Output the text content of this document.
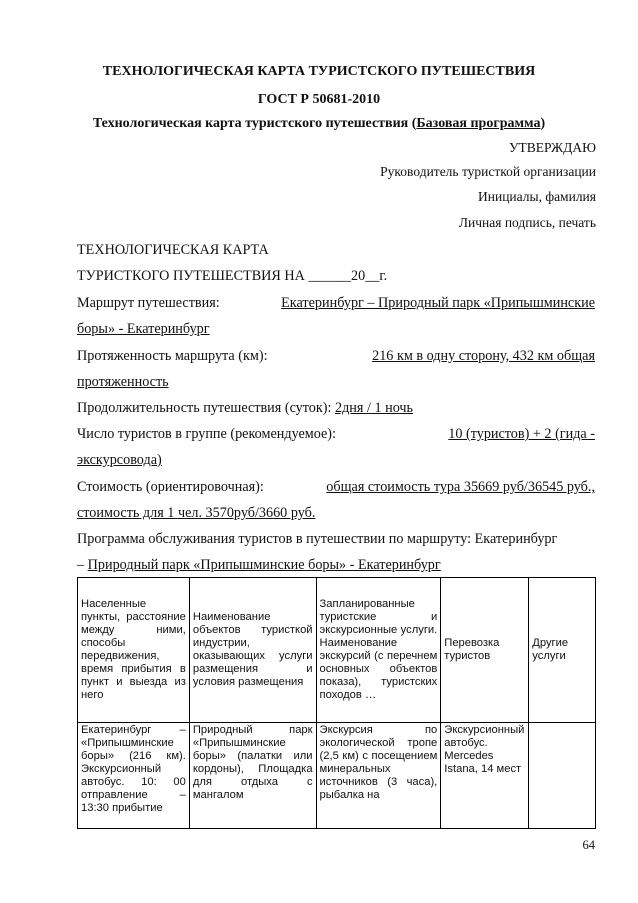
ТЕХНОЛОГИЧЕСКАЯ КАРТА ТУРИСТСКОГО ПУТЕШЕСТВИЯ
ГОСТ Р 50681-2010
Технологическая карта туристского путешествия (Базовая программа)
УТВЕРЖДАЮ
Руководитель туристкой организации
Инициалы, фамилия
Личная подпись, печать
ТЕХНОЛОГИЧЕСКАЯ КАРТА
ТУРИСТКОГО ПУТЕШЕСТВИЯ НА ______20__г.
Маршрут путешествия:	Екатеринбург – Природный парк «Припышминские
боры» - Екатеринбург
Протяженность маршрута (км):	216 км в одну сторону, 432 км общая
протяженность
Продолжительность путешествия (суток): 2дня / 1 ночь
Число туристов в группе (рекомендуемое):	10 (туристов) + 2 (гида -
экскурсовода)
Стоимость (ориентировочная):	общая стоимость тура 35669 руб/36545 руб.,
стоимость для 1 чел. 3570руб/3660 руб.
Программа обслуживания туристов в путешествии по маршруту: Екатеринбург
– Природный парк «Припышминские боры» - Екатеринбург
Населенные пункты, расстояние между ними, способы передвижения, время прибытия в пункт и выезда из него	Наименование объектов туристкой индустрии, оказывающих услуги размещения и условия размещения	Запланированные туристские и экскурсионные услуги. Наименование экскурсий (с перечнем основных объектов показа), туристских походов …	Перевозка туристов	Другие услуги
Екатеринбург – «Припышминские боры» (216 км). Экскурсионный автобус. 10: 00 отправление – 13:30 прибытие	Природный парк «Припышминские боры» (палатки или кордоны), Площадка для отдыха с мангалом	Экскурсия по экологической тропе (2,5 км) с посещением минеральных источников (3 часа), рыбалка на	Экскурсионный автобус. Mercedes Istana, 14 мест	
64
